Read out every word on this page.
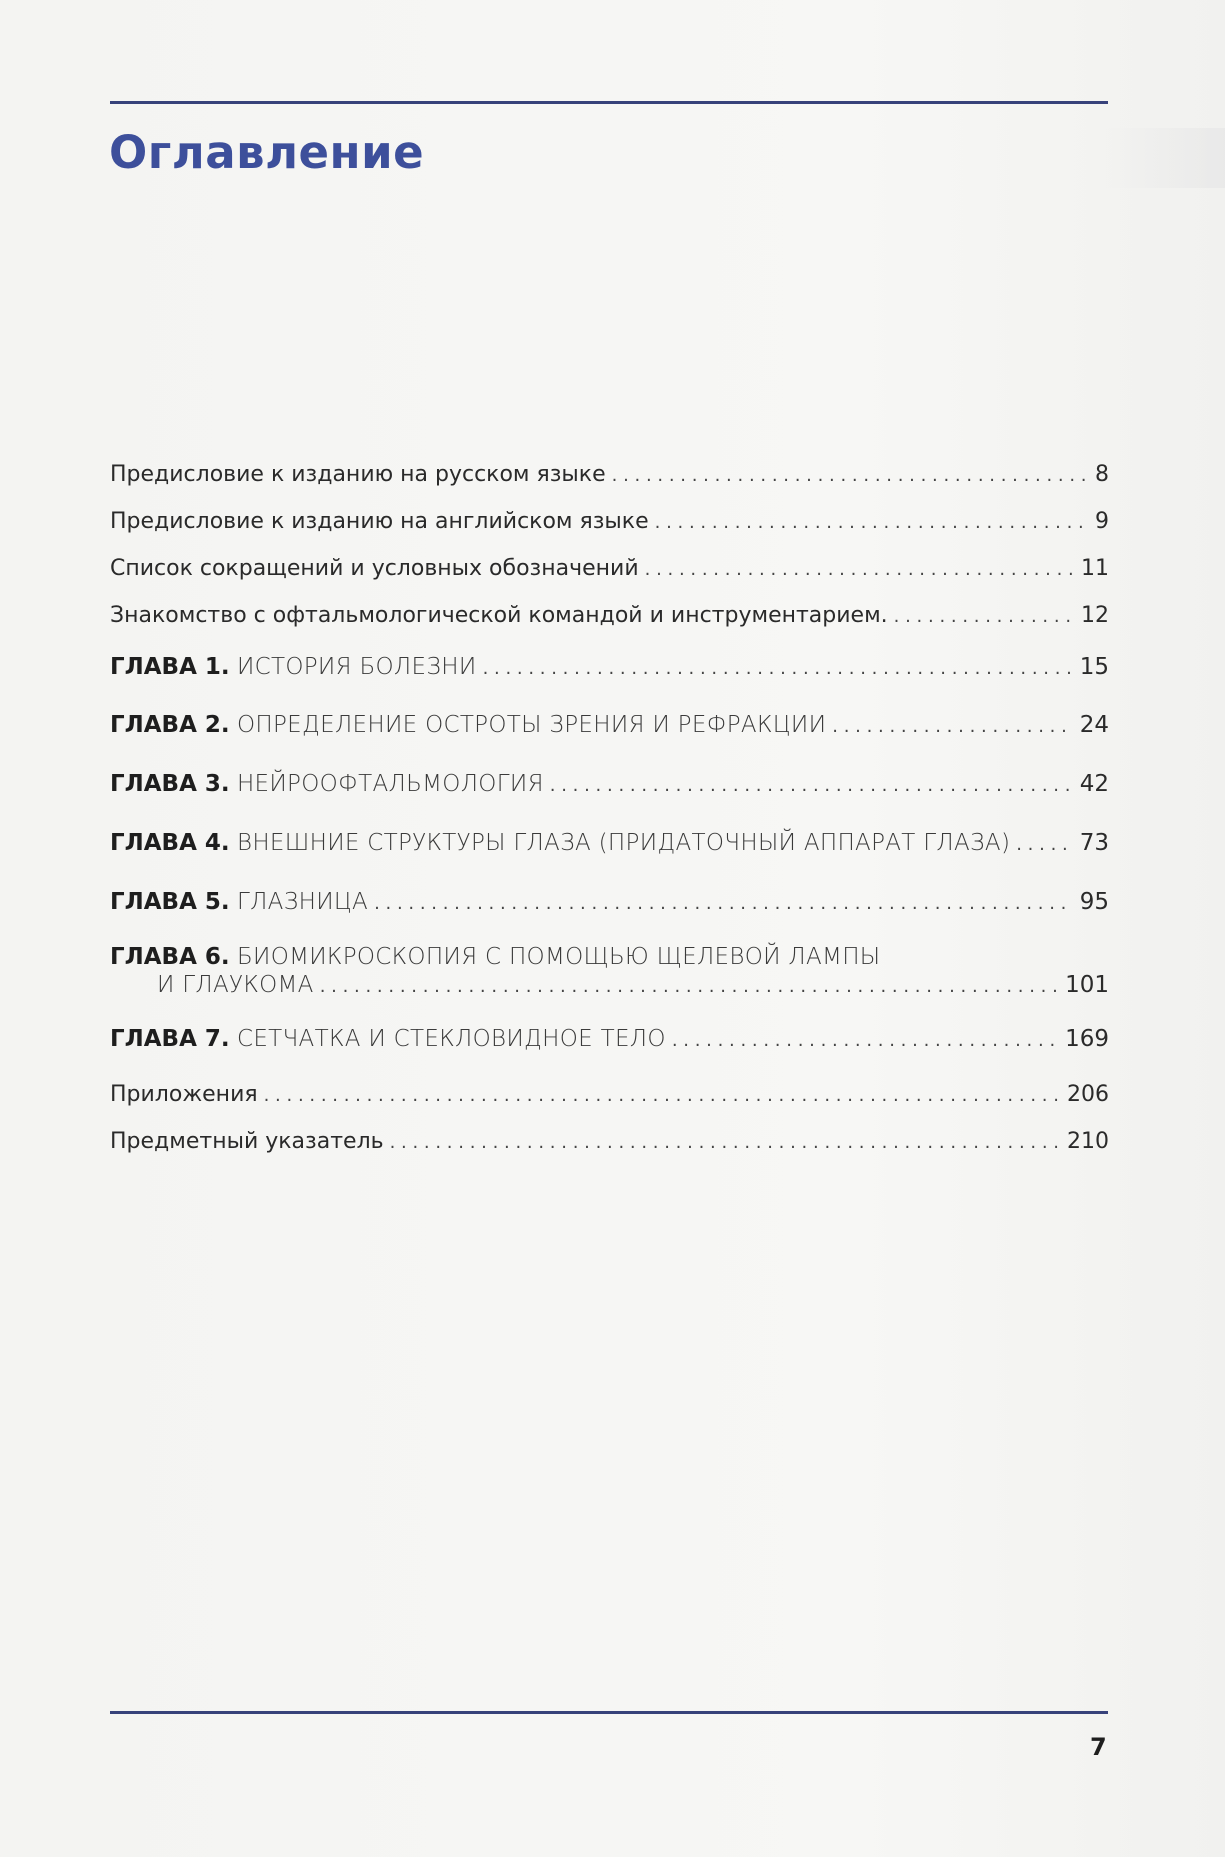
Оглавление
Предисловие к изданию на русском языке . . .	8
Предисловие к изданию на английском языке . . .	9
Список сокращений и условных обозначений . . .	11
Знакомство с офтальмологической командой и инструментарием. . . .	12
ГЛАВА 1. ИСТОРИЯ БОЛЕЗНИ . . .	15
ГЛАВА 2. ОПРЕДЕЛЕНИЕ ОСТРОТЫ ЗРЕНИЯ И РЕФРАКЦИИ . . .	24
ГЛАВА 3. НЕЙРООФТАЛЬМОЛОГИЯ . . .	42
ГЛАВА 4. ВНЕШНИЕ СТРУКТУРЫ ГЛАЗА (ПРИДАТОЧНЫЙ АППАРАТ ГЛАЗА) . . .	73
ГЛАВА 5. ГЛАЗНИЦА . . .	95
ГЛАВА 6. БИОМИКРОСКОПИЯ С ПОМОЩЬЮ ЩЕЛЕВОЙ ЛАМПЫ
И ГЛАУКОМА . . .	101
ГЛАВА 7. СЕТЧАТКА И СТЕКЛОВИДНОЕ ТЕЛО . . .	169
Приложения . . .	206
Предметный указатель . . .	210
7
